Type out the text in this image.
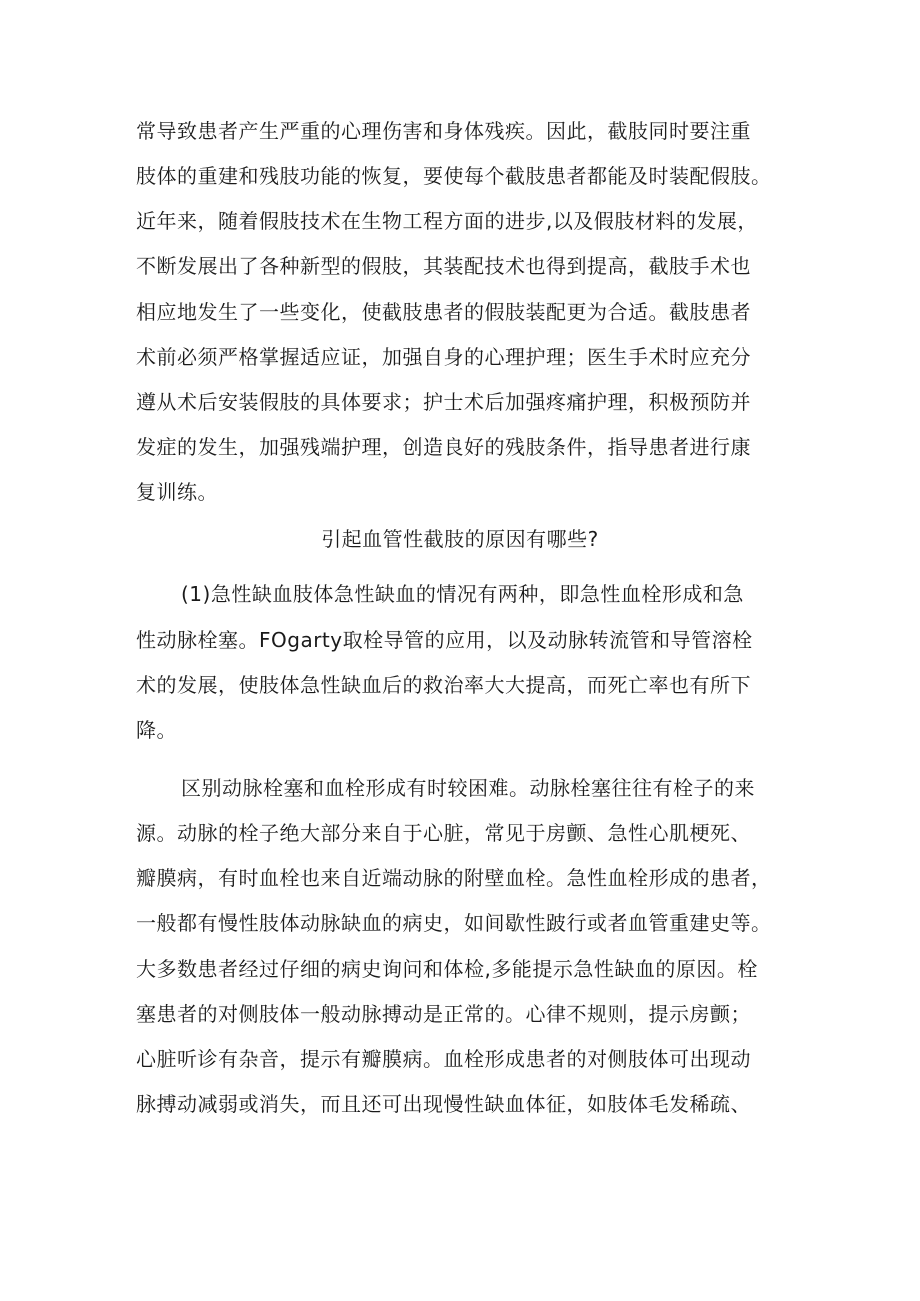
常导致患者产生严重的心理伤害和身体残疾。因此，截肢同时要注重
肢体的重建和残肢功能的恢复，要使每个截肢患者都能及时装配假肢。
近年来，随着假肢技术在生物工程方面的进步,以及假肢材料的发展，
不断发展出了各种新型的假肢，其装配技术也得到提高，截肢手术也
相应地发生了一些变化，使截肢患者的假肢装配更为合适。截肢患者
术前必须严格掌握适应证，加强自身的心理护理；医生手术时应充分
遵从术后安装假肢的具体要求；护士术后加强疼痛护理，积极预防并
发症的发生，加强残端护理，创造良好的残肢条件，指导患者进行康
复训练。
引起血管性截肢的原因有哪些?
(1)急性缺血肢体急性缺血的情况有两种，即急性血栓形成和急
性动脉栓塞。FOgarty取栓导管的应用，以及动脉转流管和导管溶栓
术的发展，使肢体急性缺血后的救治率大大提高，而死亡率也有所下
降。
区别动脉栓塞和血栓形成有时较困难。动脉栓塞往往有栓子的来
源。动脉的栓子绝大部分来自于心脏，常见于房颤、急性心肌梗死、
瓣膜病，有时血栓也来自近端动脉的附壁血栓。急性血栓形成的患者，
一般都有慢性肢体动脉缺血的病史，如间歇性跛行或者血管重建史等。
大多数患者经过仔细的病史询问和体检,多能提示急性缺血的原因。栓
塞患者的对侧肢体一般动脉搏动是正常的。心律不规则，提示房颤；
心脏听诊有杂音，提示有瓣膜病。血栓形成患者的对侧肢体可出现动
脉搏动减弱或消失，而且还可出现慢性缺血体征，如肢体毛发稀疏、
